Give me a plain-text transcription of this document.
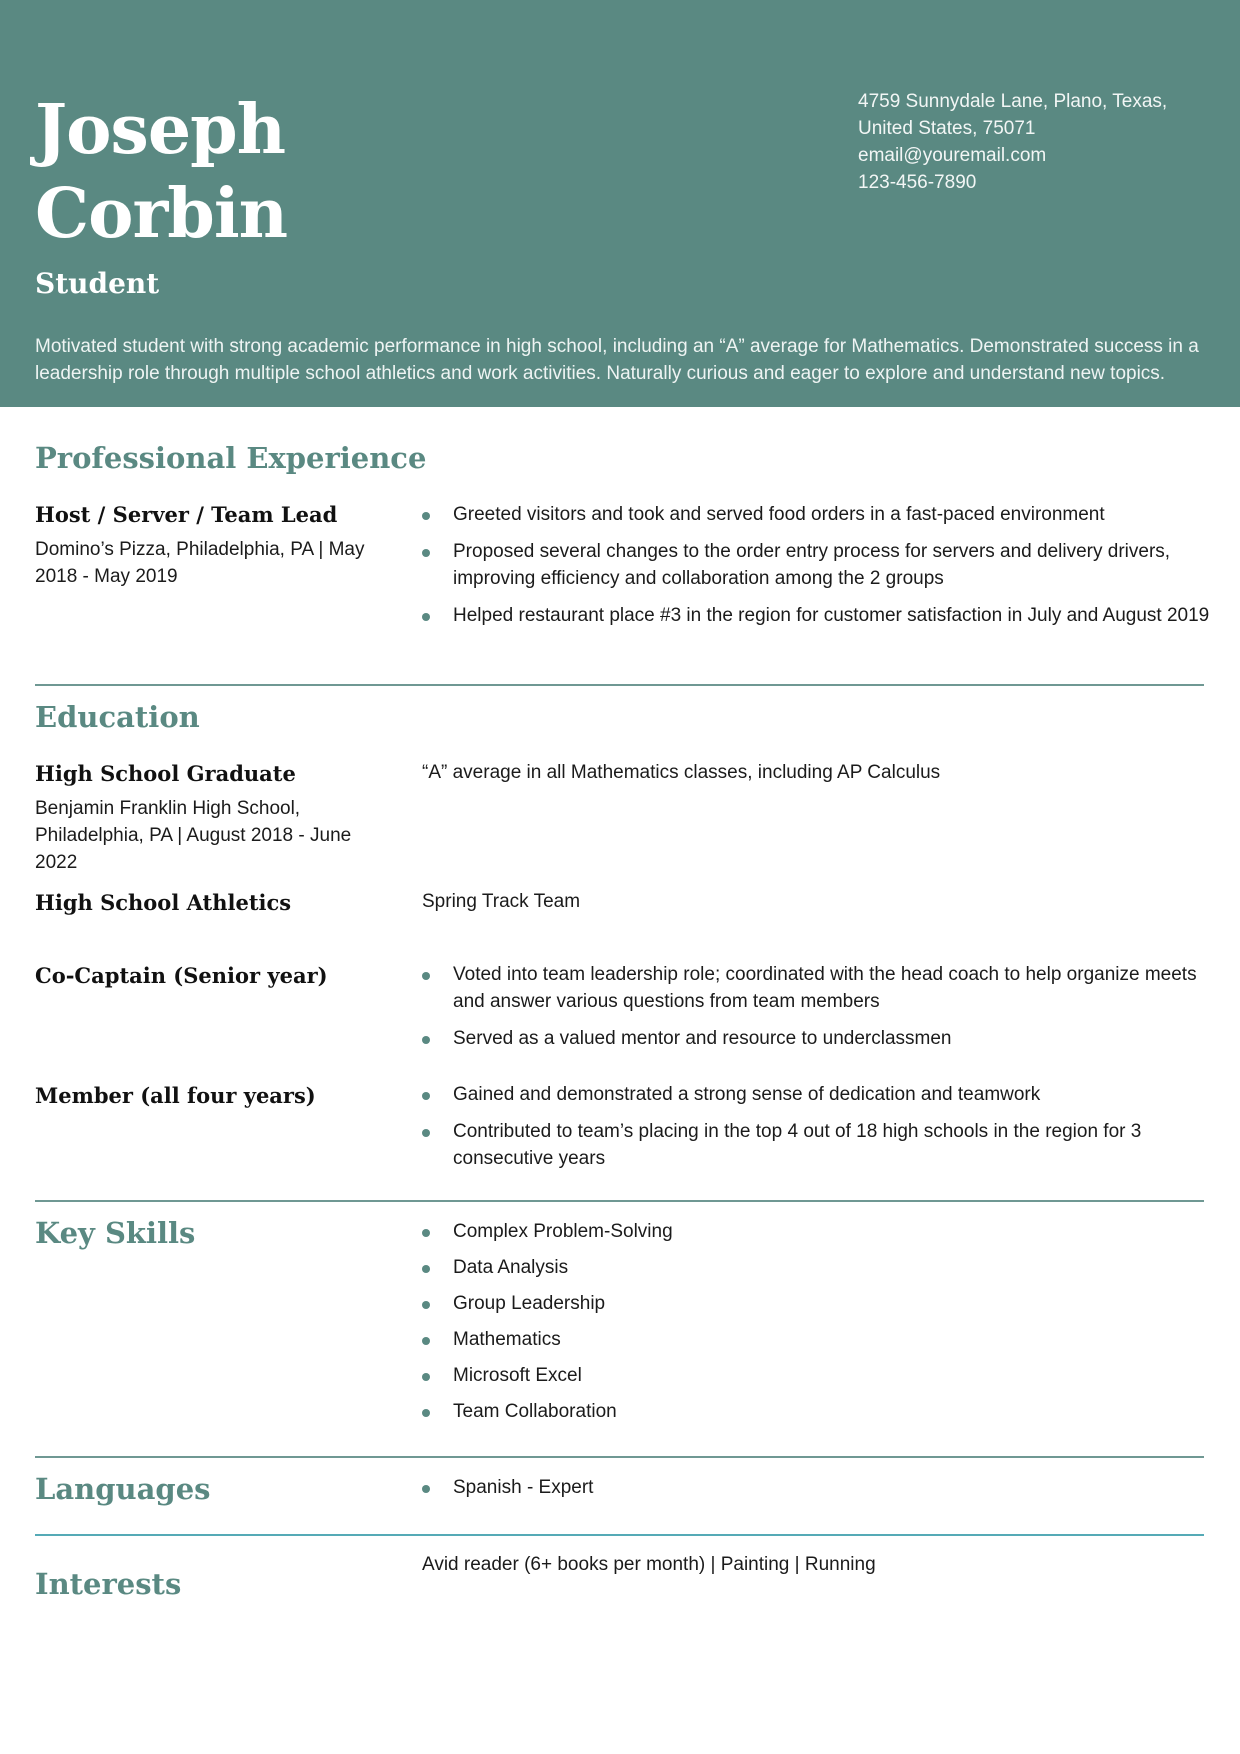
Joseph
Corbin
Student
4759 Sunnydale Lane, Plano, Texas,
United States, 75071
email@youremail.com
123-456-7890
Motivated student with strong academic performance in high school, including an “A” average for Mathematics. Demonstrated success in a leadership role through multiple school athletics and work activities. Naturally curious and eager to explore and understand new topics.
Professional Experience
Host / Server / Team Lead
Domino’s Pizza, Philadelphia, PA | May 2018 - May 2019
Greeted visitors and took and served food orders in a fast-paced environment
Proposed several changes to the order entry process for servers and delivery drivers, improving efficiency and collaboration among the 2 groups
Helped restaurant place #3 in the region for customer satisfaction in July and August 2019
Education
High School Graduate
Benjamin Franklin High School, Philadelphia, PA | August 2018 - June 2022
“A” average in all Mathematics classes, including AP Calculus
High School Athletics	Spring Track Team
Co-Captain (Senior year)	Voted into team leadership role; coordinated with the head coach to help organize meets and answer various questions from team members
Served as a valued mentor and resource to underclassmen
Member (all four years)	Gained and demonstrated a strong sense of dedication and teamwork
Contributed to team’s placing in the top 4 out of 18 high schools in the region for 3 consecutive years
Key Skills	Complex Problem-Solving
Data Analysis
Group Leadership
Mathematics
Microsoft Excel
Team Collaboration
Languages	Spanish - Expert
Interests
Avid reader (6+ books per month) | Painting | Running
